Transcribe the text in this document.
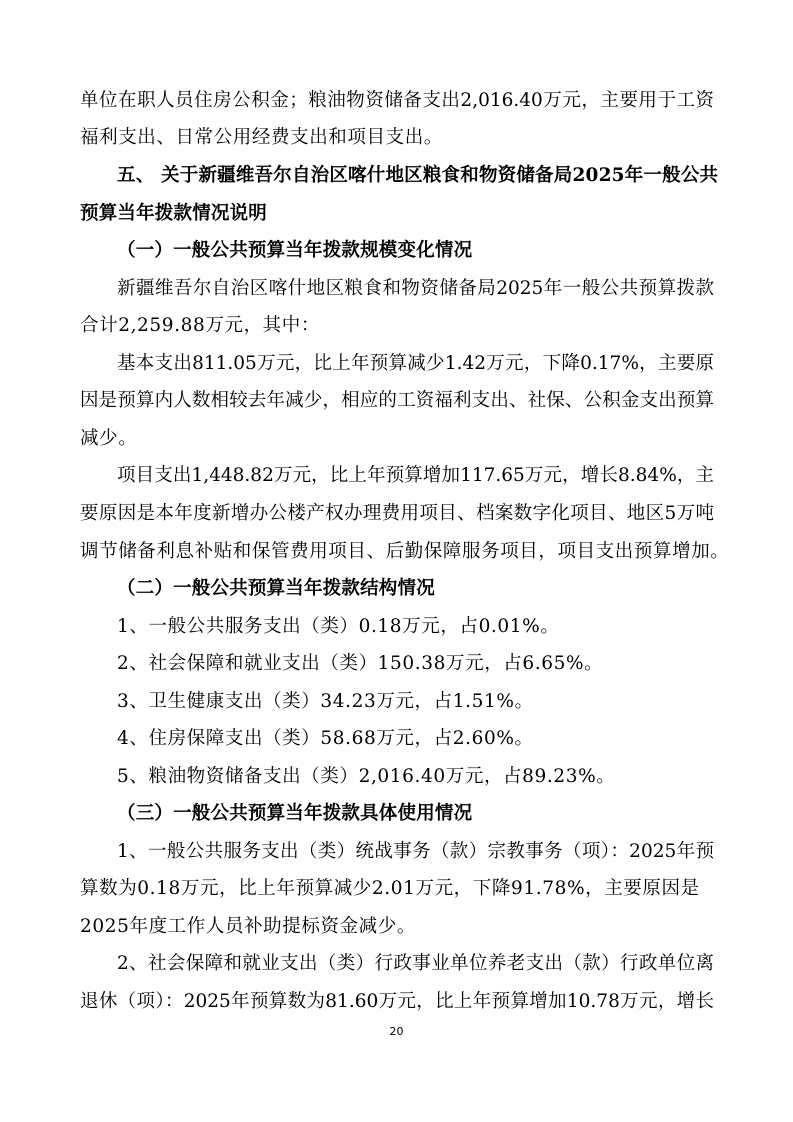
单位在职人员住房公积金；粮油物资储备支出2,016.40万元，主要用于工资
福利支出、日常公用经费支出和项目支出。
五、 关于新疆维吾尔自治区喀什地区粮食和物资储备局2025年一般公共
预算当年拨款情况说明
（一）一般公共预算当年拨款规模变化情况
新疆维吾尔自治区喀什地区粮食和物资储备局2025年一般公共预算拨款
合计2,259.88万元，其中：
基本支出811.05万元，比上年预算减少1.42万元，下降0.17%，主要原
因是预算内人数相较去年减少，相应的工资福利支出、社保、公积金支出预算
减少。
项目支出1,448.82万元，比上年预算增加117.65万元，增长8.84%，主
要原因是本年度新增办公楼产权办理费用项目、档案数字化项目、地区5万吨
调节储备利息补贴和保管费用项目、后勤保障服务项目，项目支出预算增加。
（二）一般公共预算当年拨款结构情况
1、一般公共服务支出（类）0.18万元，占0.01%。
2、社会保障和就业支出（类）150.38万元，占6.65%。
3、卫生健康支出（类）34.23万元，占1.51%。
4、住房保障支出（类）58.68万元，占2.60%。
5、粮油物资储备支出（类）2,016.40万元，占89.23%。
（三）一般公共预算当年拨款具体使用情况
1、一般公共服务支出（类）统战事务（款）宗教事务（项）：2025年预
算数为0.18万元，比上年预算减少2.01万元，下降91.78%，主要原因是
2025年度工作人员补助提标资金减少。
2、社会保障和就业支出（类）行政事业单位养老支出（款）行政单位离
退休（项）：2025年预算数为81.60万元，比上年预算增加10.78万元，增长
20
